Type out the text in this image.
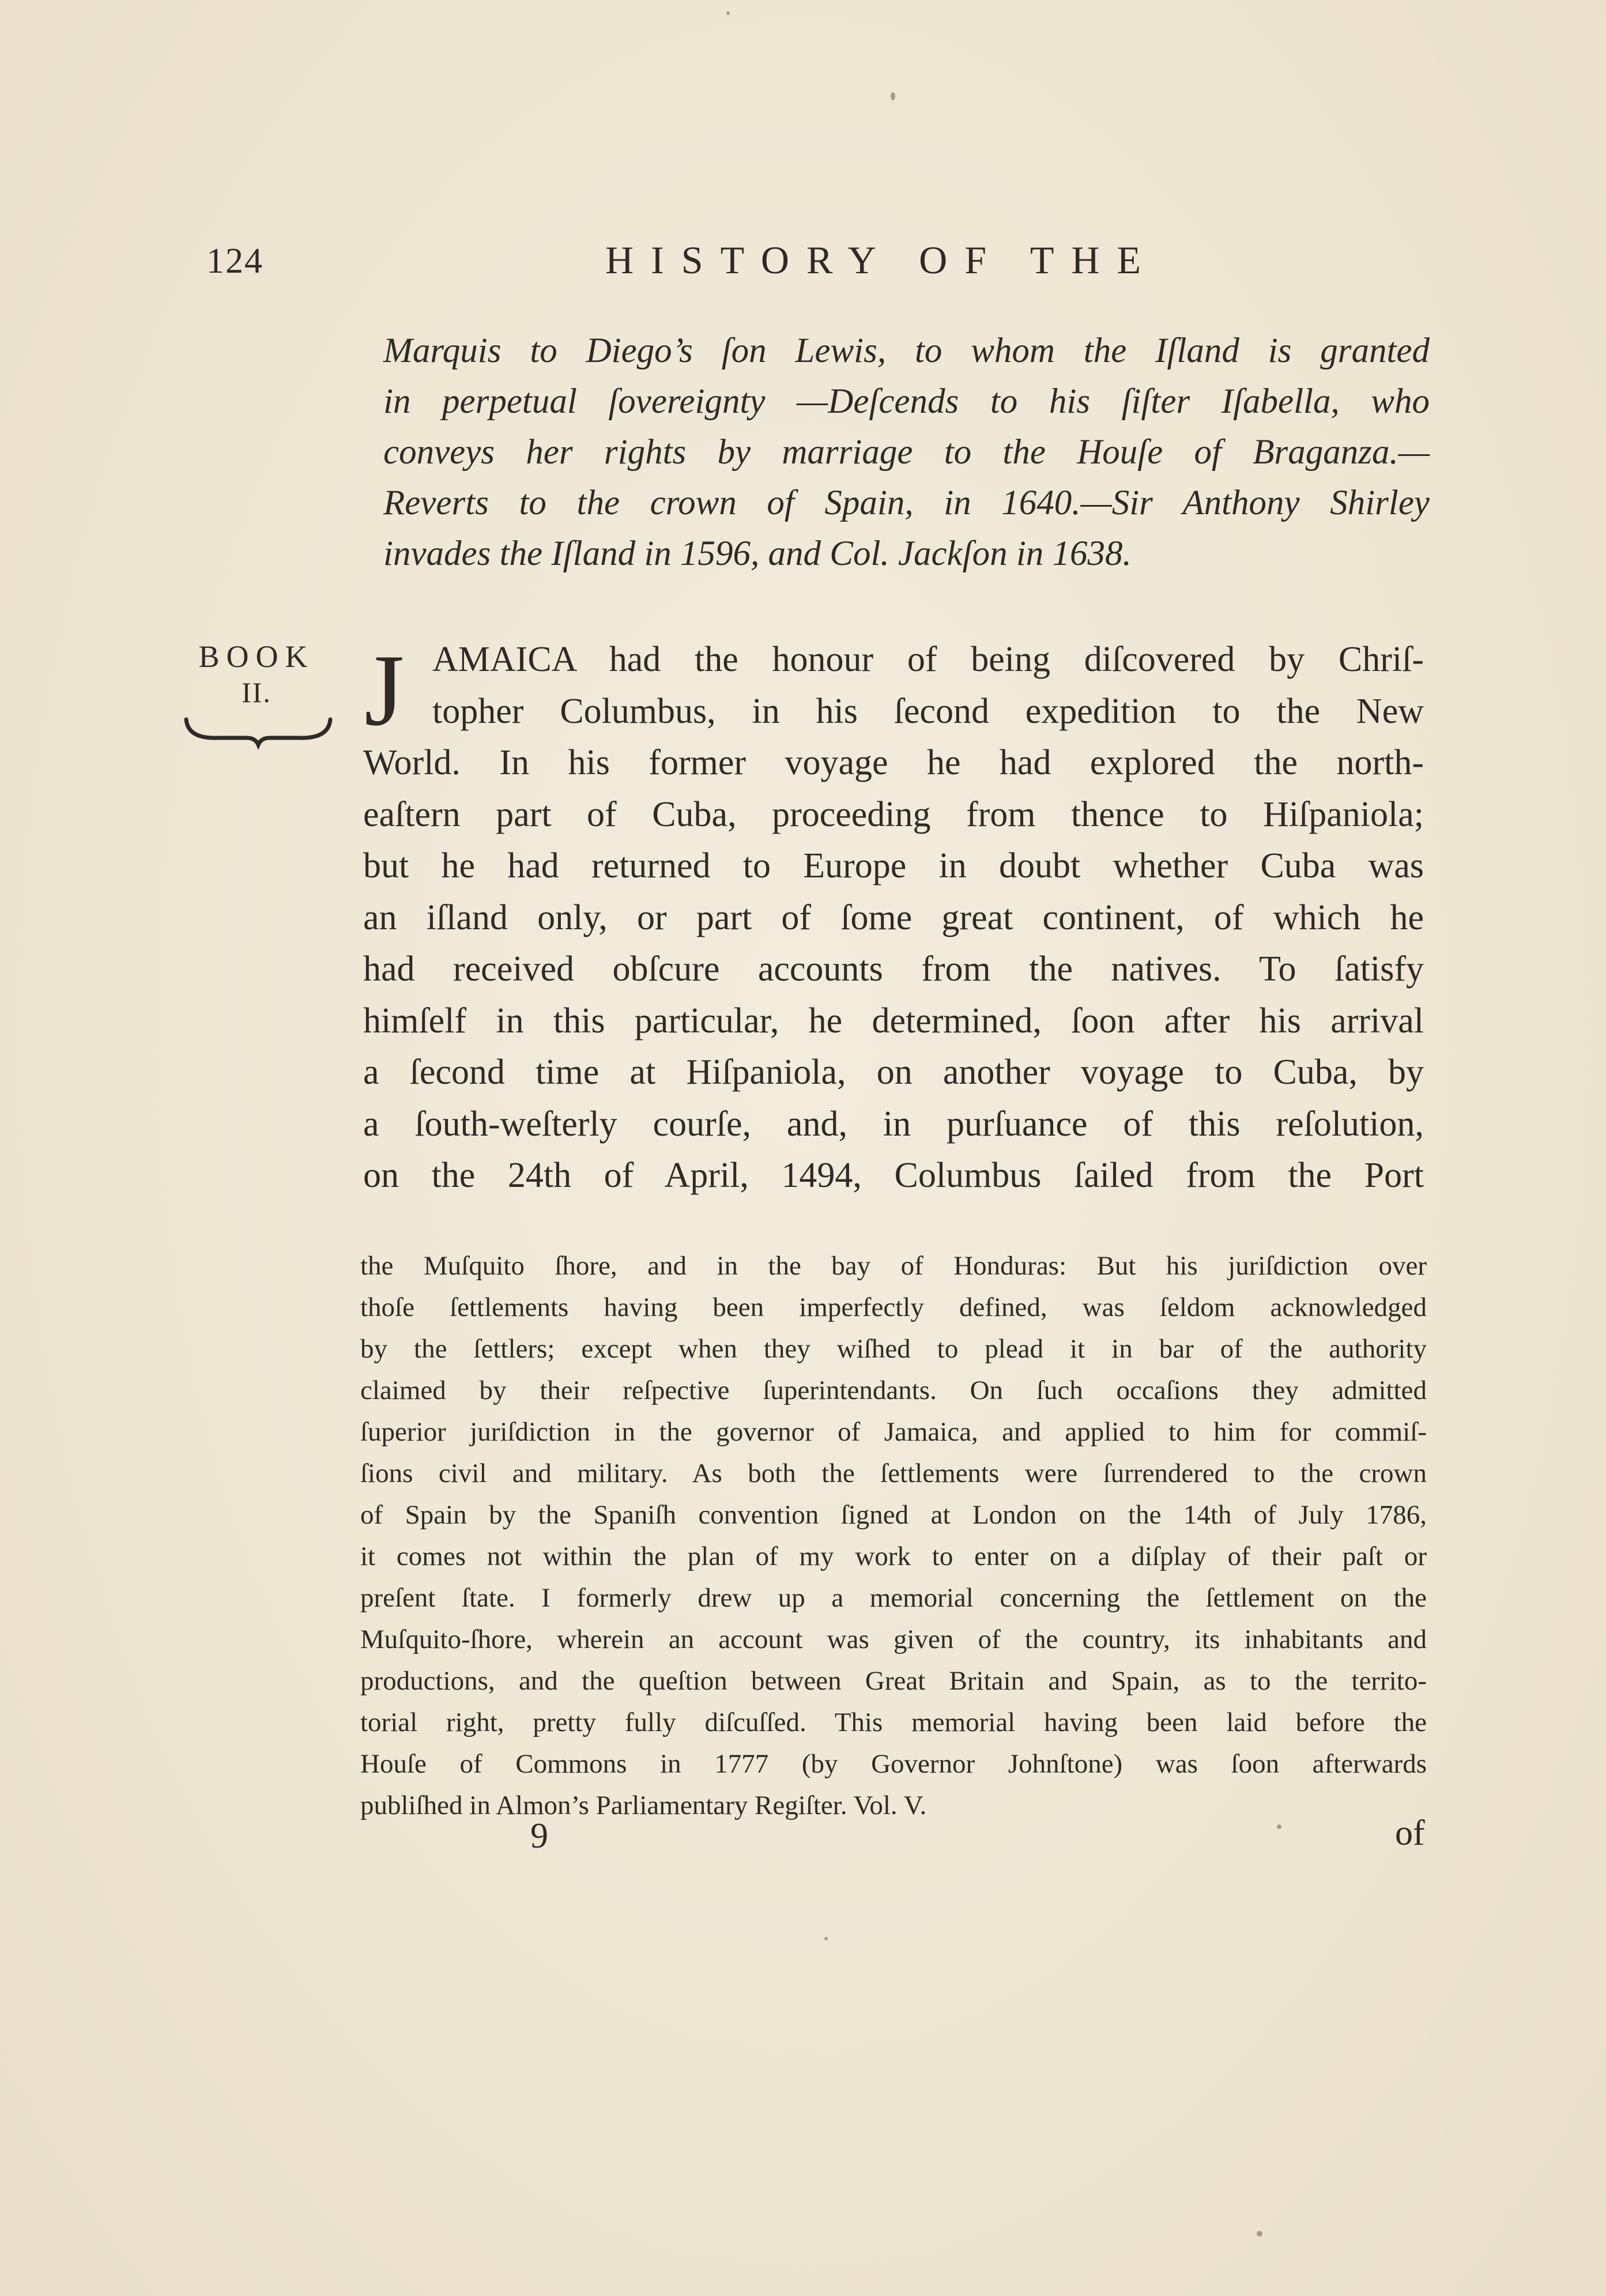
124	HISTORY OF THE
Marquis to Diego’s ſon Lewis, to whom the Iſland is granted
in perpetual ſovereignty —Deſcends to his ſiſter Iſabella, who
conveys her rights by marriage to the Houſe of Braganza.—
Reverts to the crown of Spain, in 1640.—Sir Anthony Shirley
invades the Iſland in 1596, and Col. Jackſon in 1638.
BOOK
II. J AMAICA had the honour of being diſcovered by Chriſ-
topher Columbus, in his ſecond expedition to the New
World. In his former voyage he had explored the north-
eaſtern part of Cuba, proceeding from thence to Hiſpaniola;
but he had returned to Europe in doubt whether Cuba was
an iſland only, or part of ſome great continent, of which he
had received obſcure accounts from the natives. To ſatisfy
himſelf in this particular, he determined, ſoon after his arrival
a ſecond time at Hiſpaniola, on another voyage to Cuba, by
a ſouth-weſterly courſe, and, in purſuance of this reſolution,
on the 24th of April, 1494, Columbus ſailed from the Port
the Muſquito ſhore, and in the bay of Honduras: But his juriſdiction over
thoſe ſettlements having been imperfectly defined, was ſeldom acknowledged
by the ſettlers; except when they wiſhed to plead it in bar of the authority
claimed by their reſpective ſuperintendants. On ſuch occaſions they admitted
ſuperior juriſdiction in the governor of Jamaica, and applied to him for commiſ-
ſions civil and military. As both the ſettlements were ſurrendered to the crown
of Spain by the Spaniſh convention ſigned at London on the 14th of July 1786,
it comes not within the plan of my work to enter on a diſplay of their paſt or
preſent ſtate. I formerly drew up a memorial concerning the ſettlement on the
Muſquito-ſhore, wherein an account was given of the country, its inhabitants and
productions, and the queſtion between Great Britain and Spain, as to the territo-
torial right, pretty fully diſcuſſed. This memorial having been laid before the
Houſe of Commons in 1777 (by Governor Johnſtone) was ſoon afterwards
publiſhed in Almon’s Parliamentary Regiſter. Vol. V.
9	of
